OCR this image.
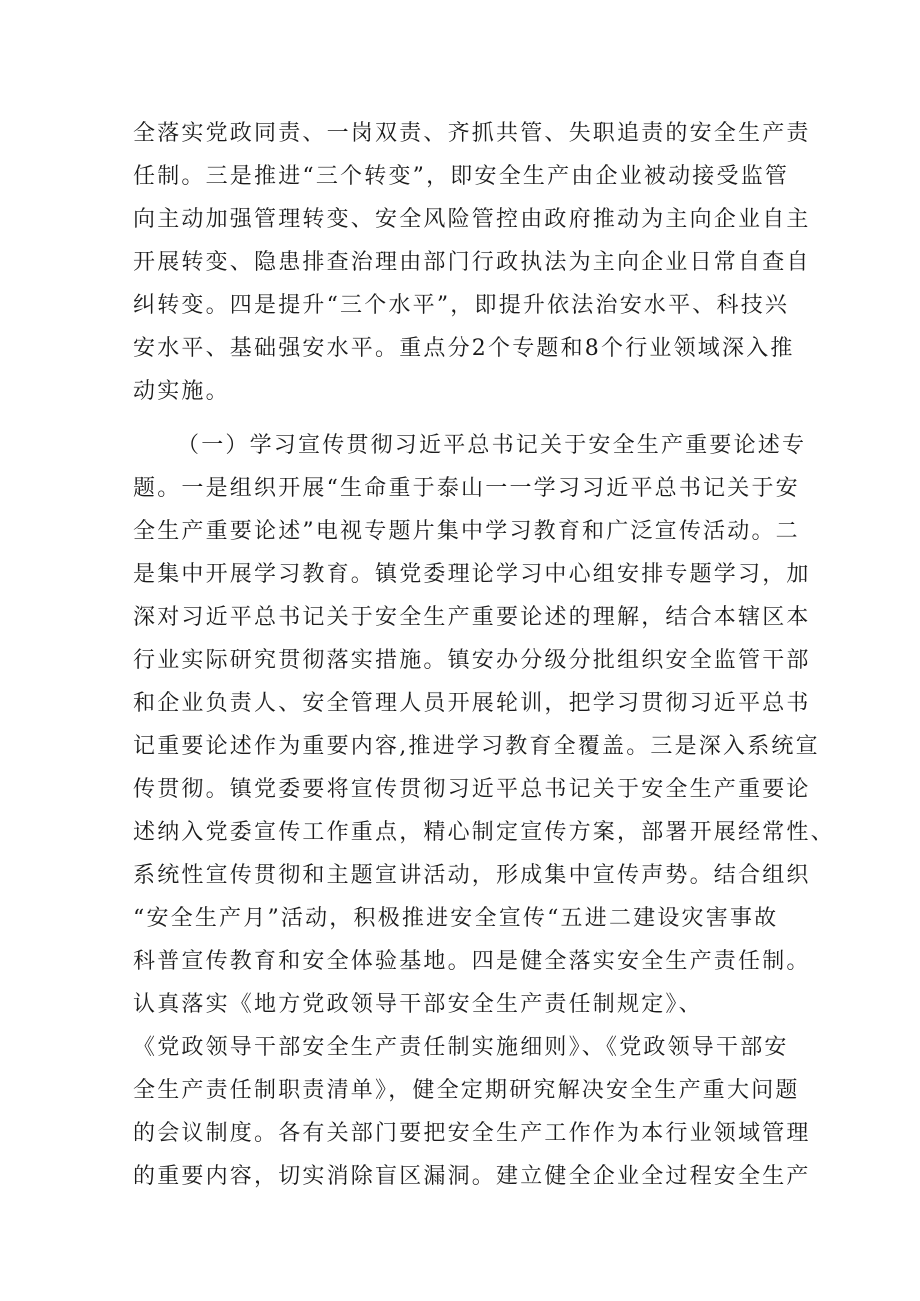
全落实党政同责、一岗双责、齐抓共管、失职追责的安全生产责
任制。三是推进“三个转变”，即安全生产由企业被动接受监管
向主动加强管理转变、安全风险管控由政府推动为主向企业自主
开展转变、隐患排查治理由部门行政执法为主向企业日常自查自
纠转变。四是提升“三个水平”，即提升依法治安水平、科技兴
安水平、基础强安水平。重点分2个专题和8个行业领域深入推
动实施。
（一）学习宣传贯彻习近平总书记关于安全生产重要论述专
题。一是组织开展“生命重于泰山一一学习习近平总书记关于安
全生产重要论述”电视专题片集中学习教育和广泛宣传活动。二
是集中开展学习教育。镇党委理论学习中心组安排专题学习，加
深对习近平总书记关于安全生产重要论述的理解，结合本辖区本
行业实际研究贯彻落实措施。镇安办分级分批组织安全监管干部
和企业负责人、安全管理人员开展轮训，把学习贯彻习近平总书
记重要论述作为重要内容,推进学习教育全覆盖。三是深入系统宣
传贯彻。镇党委要将宣传贯彻习近平总书记关于安全生产重要论
述纳入党委宣传工作重点，精心制定宣传方案，部署开展经常性、
系统性宣传贯彻和主题宣讲活动，形成集中宣传声势。结合组织
“安全生产月”活动，积极推进安全宣传“五进二建设灾害事故
科普宣传教育和安全体验基地。四是健全落实安全生产责任制。
认真落实《地方党政领导干部安全生产责任制规定》、
《党政领导干部安全生产责任制实施细则》、《党政领导干部安
全生产责任制职责清单》，健全定期研究解决安全生产重大问题
的会议制度。各有关部门要把安全生产工作作为本行业领域管理
的重要内容，切实消除盲区漏洞。建立健全企业全过程安全生产
